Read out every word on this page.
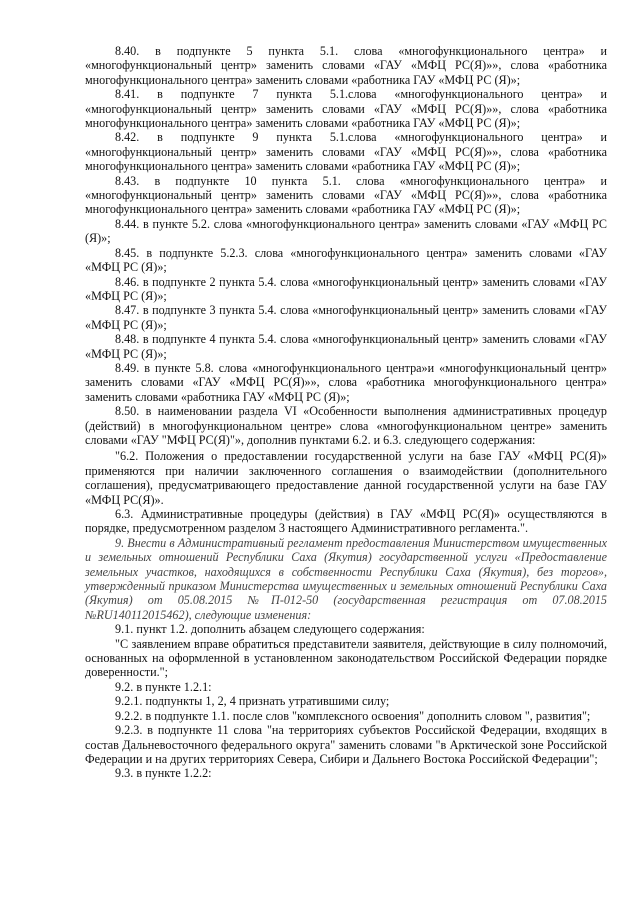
8.40. в подпункте 5 пункта 5.1. слова «многофункционального центра» и «многофункциональный центр» заменить словами «ГАУ «МФЦ РС(Я)»», слова «работника многофункционального центра» заменить словами «работника ГАУ «МФЦ РС (Я)»;

8.41. в подпункте 7 пункта 5.1.слова «многофункционального центра» и «многофункциональный центр» заменить словами «ГАУ «МФЦ РС(Я)»», слова «работника многофункционального центра» заменить словами «работника ГАУ «МФЦ РС (Я)»;

8.42. в подпункте 9 пункта 5.1.слова «многофункционального центра» и «многофункциональный центр» заменить словами «ГАУ «МФЦ РС(Я)»», слова «работника многофункционального центра» заменить словами «работника ГАУ «МФЦ РС (Я)»;

8.43. в подпункте 10 пункта 5.1. слова «многофункционального центра» и «многофункциональный центр» заменить словами «ГАУ «МФЦ РС(Я)»», слова «работника многофункционального центра» заменить словами «работника ГАУ «МФЦ РС (Я)»;

8.44. в пункте 5.2. слова «многофункционального центра» заменить словами «ГАУ «МФЦ РС (Я)»;

8.45. в подпункте 5.2.3. слова «многофункционального центра» заменить словами «ГАУ «МФЦ РС (Я)»;

8.46. в подпункте 2 пункта 5.4. слова «многофункциональный центр» заменить словами «ГАУ «МФЦ РС (Я)»;

8.47. в подпункте 3 пункта 5.4. слова «многофункциональный центр» заменить словами «ГАУ «МФЦ РС (Я)»;

8.48. в подпункте 4 пункта 5.4. слова «многофункциональный центр» заменить словами «ГАУ «МФЦ РС (Я)»;

8.49. в пункте 5.8. слова «многофункционального центра»и «многофункциональный центр» заменить словами «ГАУ «МФЦ РС(Я)»», слова «работника многофункционального центра» заменить словами «работника ГАУ «МФЦ РС (Я)»;

8.50. в наименовании раздела VI «Особенности выполнения административных процедур (действий) в многофункциональном центре» слова «многофункциональном центре» заменить словами «ГАУ "МФЦ РС(Я)"», дополнив пунктами 6.2. и 6.3. следующего содержания:

"6.2. Положения о предоставлении государственной услуги на базе ГАУ «МФЦ РС(Я)» применяются при наличии заключенного соглашения о взаимодействии (дополнительного соглашения), предусматривающего предоставление данной государственной услуги на базе ГАУ «МФЦ РС(Я)».

6.3. Административные процедуры (действия) в ГАУ «МФЦ РС(Я)» осуществляются в порядке, предусмотренном разделом 3 настоящего Административного регламента.".

9. Внести в Административный регламент предоставления Министерством имущественных и земельных отношений Республики Саха (Якутия) государственной услуги «Предоставление земельных участков, находящихся в собственности Республики Саха (Якутия), без торгов», утвержденный приказом Министерства имущественных и земельных отношений Республики Саха (Якутия) от 05.08.2015 №П-012-50 (государственная регистрация от 07.08.2015 №RU140112015462), следующие изменения:

9.1. пункт 1.2. дополнить абзацем следующего содержания:

"С заявлением вправе обратиться представители заявителя, действующие в силу полномочий, основанных на оформленной в установленном законодательством Российской Федерации порядке доверенности.";

9.2. в пункте 1.2.1:

9.2.1. подпункты 1, 2, 4 признать утратившими силу;

9.2.2. в подпункте 1.1. после слов "комплексного освоения" дополнить словом ", развития";

9.2.3. в подпункте 11 слова "на территориях субъектов Российской Федерации, входящих в состав Дальневосточного федерального округа" заменить словами "в Арктической зоне Российской Федерации и на других территориях Севера, Сибири и Дальнего Востока Российской Федерации";

9.3. в пункте 1.2.2:
